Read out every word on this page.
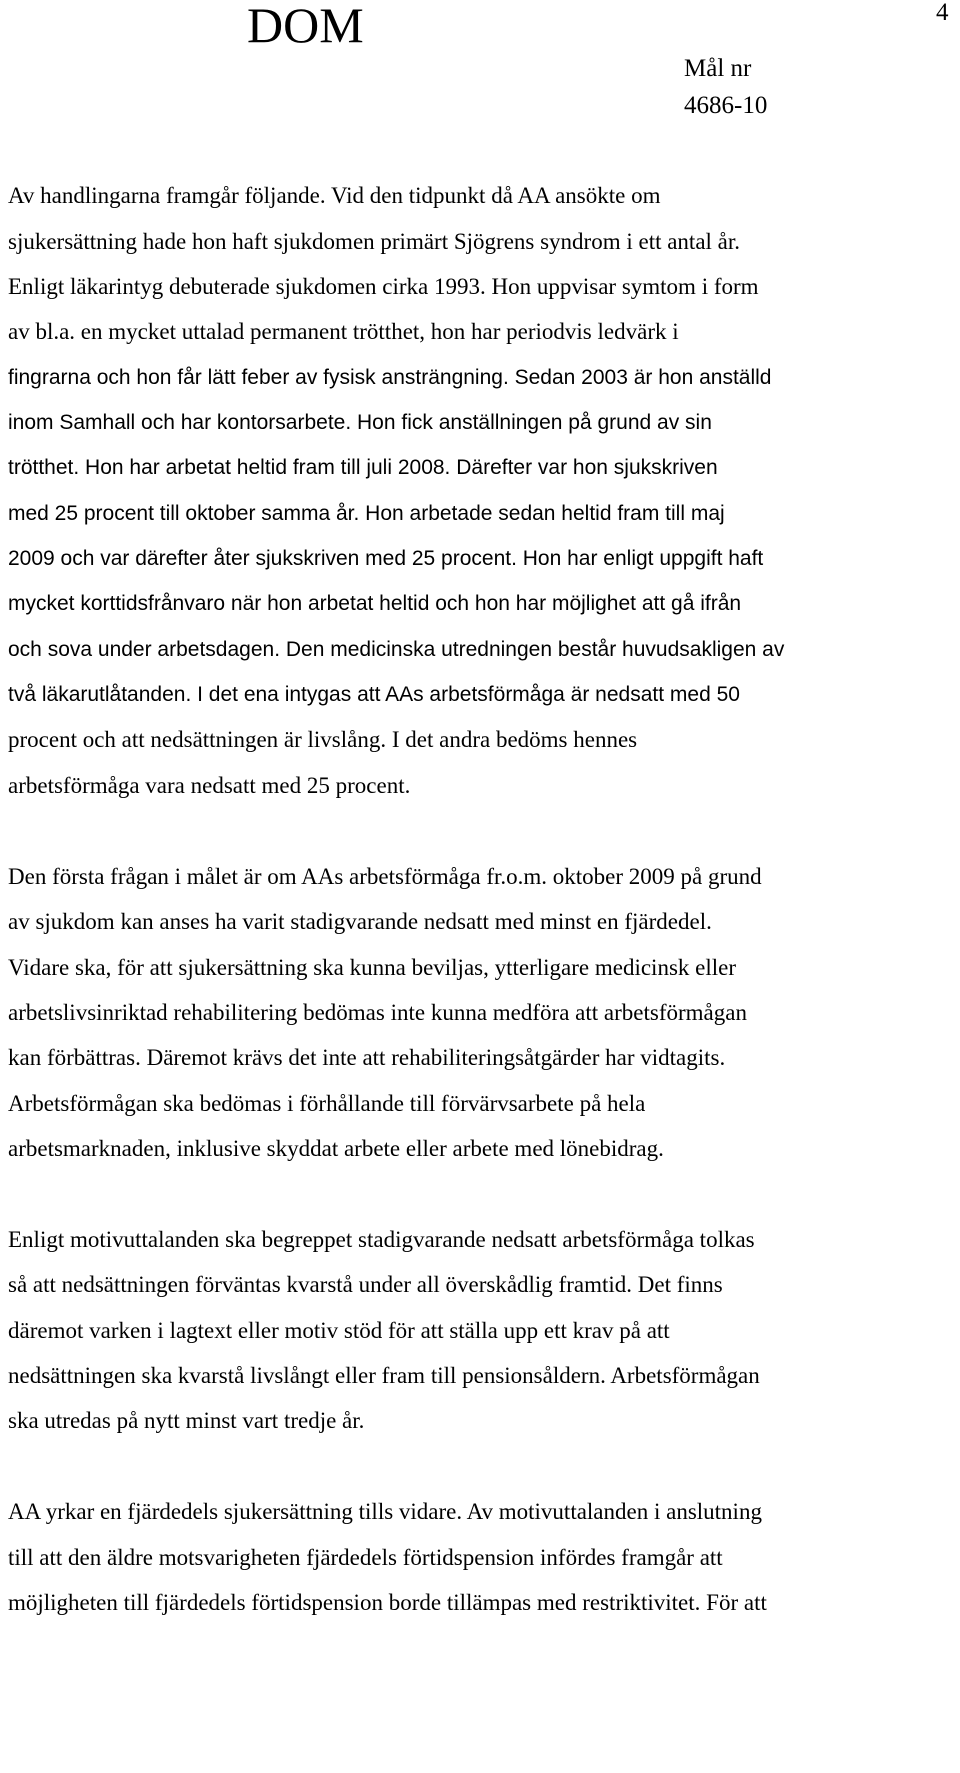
DOM	4
Mål nr
4686-10
Av handlingarna framgår följande. Vid den tidpunkt då AA ansökte om
sjukersättning hade hon haft sjukdomen primärt Sjögrens syndrom i ett antal år.
Enligt läkarintyg debuterade sjukdomen cirka 1993. Hon uppvisar symtom i form
av bl.a. en mycket uttalad permanent trötthet, hon har periodvis ledvärk i
fingrarna och hon får lätt feber av fysisk ansträngning. Sedan 2003 är hon anställd
inom Samhall och har kontorsarbete. Hon fick anställningen på grund av sin
trötthet. Hon har arbetat heltid fram till juli 2008. Därefter var hon sjukskriven
med 25 procent till oktober samma år. Hon arbetade sedan heltid fram till maj
2009 och var därefter åter sjukskriven med 25 procent. Hon har enligt uppgift haft
mycket korttidsfrånvaro när hon arbetat heltid och hon har möjlighet att gå ifrån
och sova under arbetsdagen. Den medicinska utredningen består huvudsakligen av
två läkarutlåtanden. I det ena intygas att AAs arbetsförmåga är nedsatt med 50
procent och att nedsättningen är livslång. I det andra bedöms hennes
arbetsförmåga vara nedsatt med 25 procent.
Den första frågan i målet är om AAs arbetsförmåga fr.o.m. oktober 2009 på grund
av sjukdom kan anses ha varit stadigvarande nedsatt med minst en fjärdedel.
Vidare ska, för att sjukersättning ska kunna beviljas, ytterligare medicinsk eller
arbetslivsinriktad rehabilitering bedömas inte kunna medföra att arbetsförmågan
kan förbättras. Däremot krävs det inte att rehabiliteringsåtgärder har vidtagits.
Arbetsförmågan ska bedömas i förhållande till förvärvsarbete på hela
arbetsmarknaden, inklusive skyddat arbete eller arbete med lönebidrag.
Enligt motivuttalanden ska begreppet stadigvarande nedsatt arbetsförmåga tolkas
så att nedsättningen förväntas kvarstå under all överskådlig framtid. Det finns
däremot varken i lagtext eller motiv stöd för att ställa upp ett krav på att
nedsättningen ska kvarstå livslångt eller fram till pensionsåldern. Arbetsförmågan
ska utredas på nytt minst vart tredje år.
AA yrkar en fjärdedels sjukersättning tills vidare. Av motivuttalanden i anslutning
till att den äldre motsvarigheten fjärdedels förtidspension infördes framgår att
möjligheten till fjärdedels förtidspension borde tillämpas med restriktivitet. För att
